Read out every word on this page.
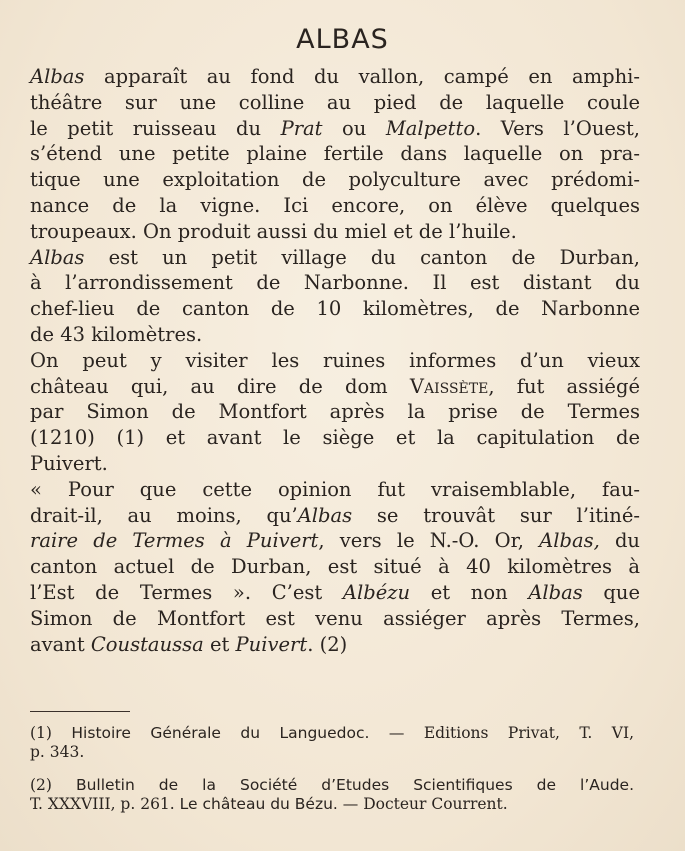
ALBAS
Albas apparaît au fond du vallon, campé en amphi-
théâtre sur une colline au pied de laquelle coule
le petit ruisseau du Prat ou Malpetto. Vers l’Ouest,
s’étend une petite plaine fertile dans laquelle on pra-
tique une exploitation de polyculture avec prédomi-
nance de la vigne. Ici encore, on élève quelques
troupeaux. On produit aussi du miel et de l’huile.
Albas est un petit village du canton de Durban,
à l’arrondissement de Narbonne. Il est distant du
chef-lieu de canton de 10 kilomètres, de Narbonne
de 43 kilomètres.
On peut y visiter les ruines informes d’un vieux
château qui, au dire de dom Vaissète, fut assiégé
par Simon de Montfort après la prise de Termes
(1210) (1) et avant le siège et la capitulation de
Puivert.
« Pour que cette opinion fut vraisemblable, fau-
drait-il, au moins, qu’Albas se trouvât sur l’itiné-
raire de Termes à Puivert, vers le N.-O. Or, Albas, du
canton actuel de Durban, est situé à 40 kilomètres à
l’Est de Termes ». C’est Albézu et non Albas que
Simon de Montfort est venu assiéger après Termes,
avant Coustaussa et Puivert. (2)
(1) Histoire Générale du Languedoc. — Editions Privat, T. VI,
p. 343.
(2) Bulletin de la Société d’Etudes Scientifiques de l’Aude.
T. XXXVIII, p. 261. Le château du Bézu. — Docteur Courrent.
